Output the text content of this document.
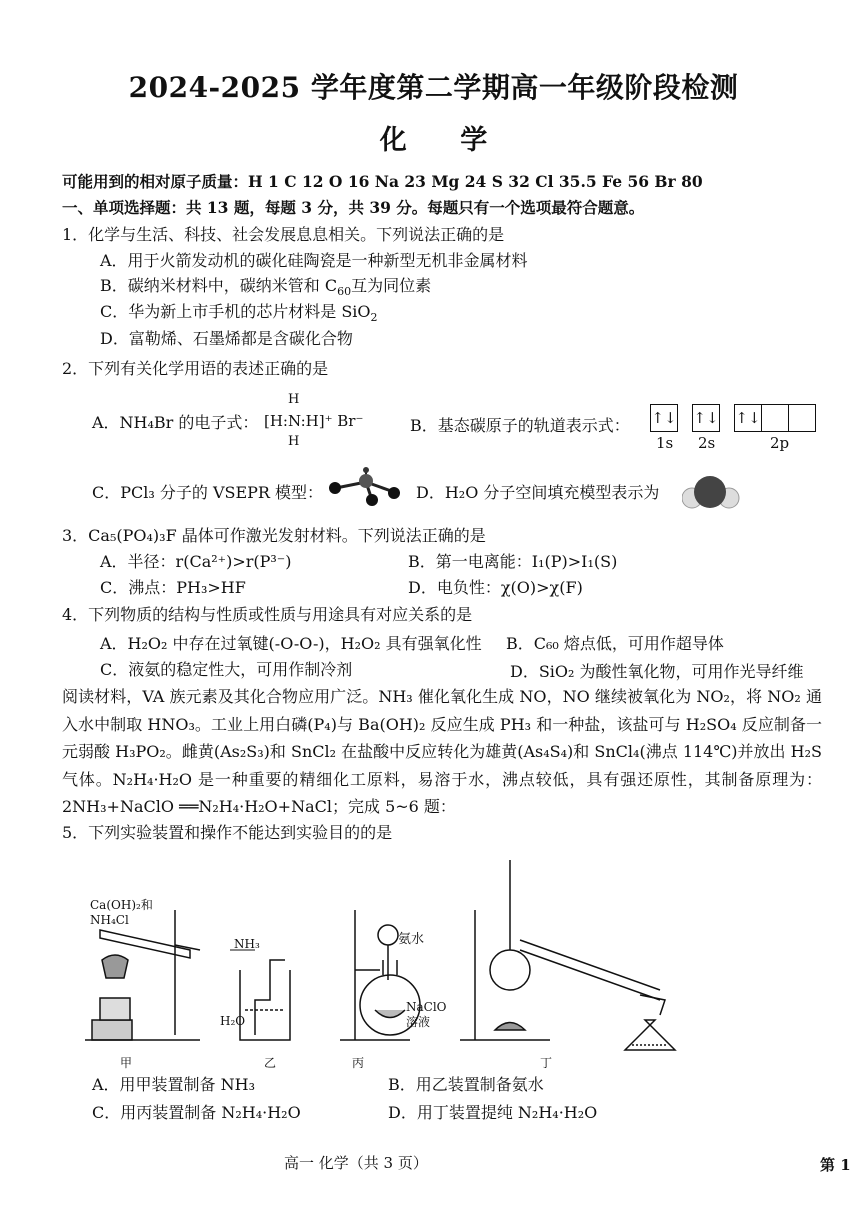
2024-2025 学年度第二学期高一年级阶段检测
化 学
可能用到的相对原子质量：H 1 C 12 O 16 Na 23 Mg 24 S 32 Cl 35.5 Fe 56 Br 80
一、单项选择题：共 13 题，每题 3 分，共 39 分。每题只有一个选项最符合题意。
1．化学与生活、科技、社会发展息息相关。下列说法正确的是
A．用于火箭发动机的碳化硅陶瓷是一种新型无机非金属材料
B．碳纳米材料中，碳纳米管和 $C_{60}$互为同位素
C．华为新上市手机的芯片材料是 SiO$_2$
D．富勒烯、石墨烯都是含碳化合物
2．下列有关化学用语的表述正确的是
A．NH₄Br 的电子式：
H
H
[H:N:H]⁺ Br⁻	B．基态碳原子的轨道表示式： ↑↓ ↑↓ ↑↓
1s 2s	2p
C．PCl₃ 分子的 VSEPR 模型：	D．H₂O 分子空间填充模型表示为
3．Ca₅(PO₄)₃F 晶体可作激光发射材料。下列说法正确的是
A．半径：r(Ca²⁺)>r(P³⁻)	B．第一电离能：I₁(P)>I₁(S)
C．沸点：PH₃>HF	D．电负性：χ(O)>χ(F)
4．下列物质的结构与性质或性质与用途具有对应关系的是
A．H₂O₂ 中存在过氧键(-O-O-)，H₂O₂ 具有强氧化性 B．C₆₀ 熔点低，可用作超导体
C．液氨的稳定性大，可用作制冷剂	D．SiO₂ 为酸性氧化物，可用作光导纤维
阅读材料，VA 族元素及其化合物应用广泛。NH₃ 催化氧化生成 NO，NO 继续被氧化为 NO₂，将 NO₂ 通入水中制取 HNO₃。工业上用白磷(P₄)与 Ba(OH)₂ 反应生成 PH₃ 和一种盐，该盐可与 H₂SO₄ 反应制备一元弱酸 H₃PO₂。雌黄(As₂S₃)和 SnCl₂ 在盐酸中反应转化为雄黄(As₄S₄)和 SnCl₄(沸点 114℃)并放出 H₂S 气体。N₂H₄·H₂O 是一种重要的精细化工原料，易溶于水，沸点较低，具有强还原性，其制备原理为：2NH₃+NaClO ══N₂H₄·H₂O+NaCl；完成 5~6 题：
5．下列实验装置和操作不能达到实验目的的是
Ca(OH)₂和
NH₄Cl
NH₃
H₂O
氨水
NaClO
溶液
甲	乙	丙	丁
A．用甲装置制备 NH₃	B．用乙装置制备氨水
C．用丙装置制备 N₂H₄·H₂O	D．用丁装置提纯 N₂H₄·H₂O
高一 化学（共 3 页）	第 1
